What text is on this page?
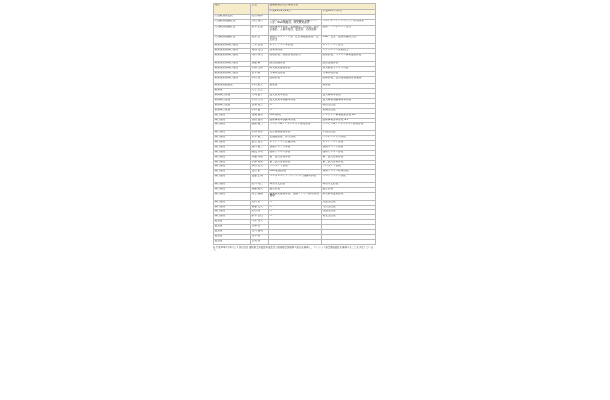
役位	氏名	委嘱業務および業務分担	
		平成29年6月29日	平成30年7月1日
代表取締役社長	山田 隆持		
代表取締役副社長	辻村 清行	プロダクト&サービス本部長、情報システム部、R&D戦略部、研究開発各部	マルチメディアサービス、研究開発
代表取締役副社長	鈴木 正俊	国際事業本部長、企画調整、財務部、経営企画部、人事育成部、監査部、内部統制	国際、コーポレート担当
代表取締役副社長	松井 浩	情報セキュリティ部、社会情報推進部、安全担当	CSR、安全（置業労働を含む）
取締役常務執行役員	二木 治成	ネットワーク本部長	ネットワーク担当
取締役常務執行役員	角谷 文也	営業本部長	コンシューマ営業担当
取締役常務執行役員	内村 和人	財務部長、関連企業部担当	財務部長、ウェーブ事業推進部長
取締役常務執行役員	加藤 薫	経営企画部長	経営企画部長
取締役常務執行役員	小森 光修	研究開発推進部長	研究開発センター所長
取締役常務執行役員	田中 隆	人事育成部長	人事育成部長
取締役常務執行役員	中村 晃	総務部長	総務部長、社会環境推進部長兼務
取締役常勤監査	中村 維夫	相談役	相談役
取締役	辻上 広志		
常務執行役員	大城 裕子	法人営業本部長	法人事業本部長
常務執行役員	中山 公男	法人営業本部副本部長	法人事業部副事業本部長
常務執行役員	古島 俊三	―	関西支社長
常務執行役員	小林 優	―	東海支社長
執行役員	長岡 健司	DCM部長	クレジット事業推進部長 ※1
執行役員	曽根 俊男	国際事業本部副本部長	国際事業部本部長 ※1
執行役員	羽深 龍二	サービス&ソリューション開発部長	サービス&ソリューション開発部長
執行役員	水谷 和弘	社会環境推進部長	中国支社長
執行役員	荒木 裕二	企画調整室、渉外部長	プロモーション部長
執行役員	徳広 清志	ネットワーク企画部長	ネットワーク部長
執行役員	湯川 裕二	情報システム部長	情報システム部長
執行役員	國枝 洋司	国際ビジネス部長	国際ビジネス部長
執行役員	斉藤 邦彦	第一法人営業部長	第一法人営業部長
執行役員	杉澤 利彦	第二法人営業部長	第二法人営業部長
執行役員	本田 浩人	プロダクト部長	プロダクト部長
執行役員	安田 崇	DCM企画部長	業務プロセス改革部長
執行役員	佐藤 正明	コーポレートブランディング部副本部長	マーケティング部長
執行役員	田口 英仁	神奈川支店長	神奈川支店長
執行役員	須藤 聡人	販売部長	販売部長
執行役員	尾上 誠蔵	研究開発推進部長、無線アクセス開発部長兼務	研究開発推進部長
執行役員	北村 勇	―	北陸支社長
執行役員	斎藤 文夫	―	九州支社長
執行役員	山田 明	―	四国支社長
執行役員	鈴木 哲也	―	東北支社長
監査役	今井 博夫		
監査役	吉澤 啓一		
監査役	吉川 義明		
監査役	青木 康一		
監査役	吉利 康一		
※ 平成30年7月1日より執行役員 国際事業本部副本部長及び新規事業開発担当役員を兼務し、クレジット事業推進部長を兼務することを予定しています。
